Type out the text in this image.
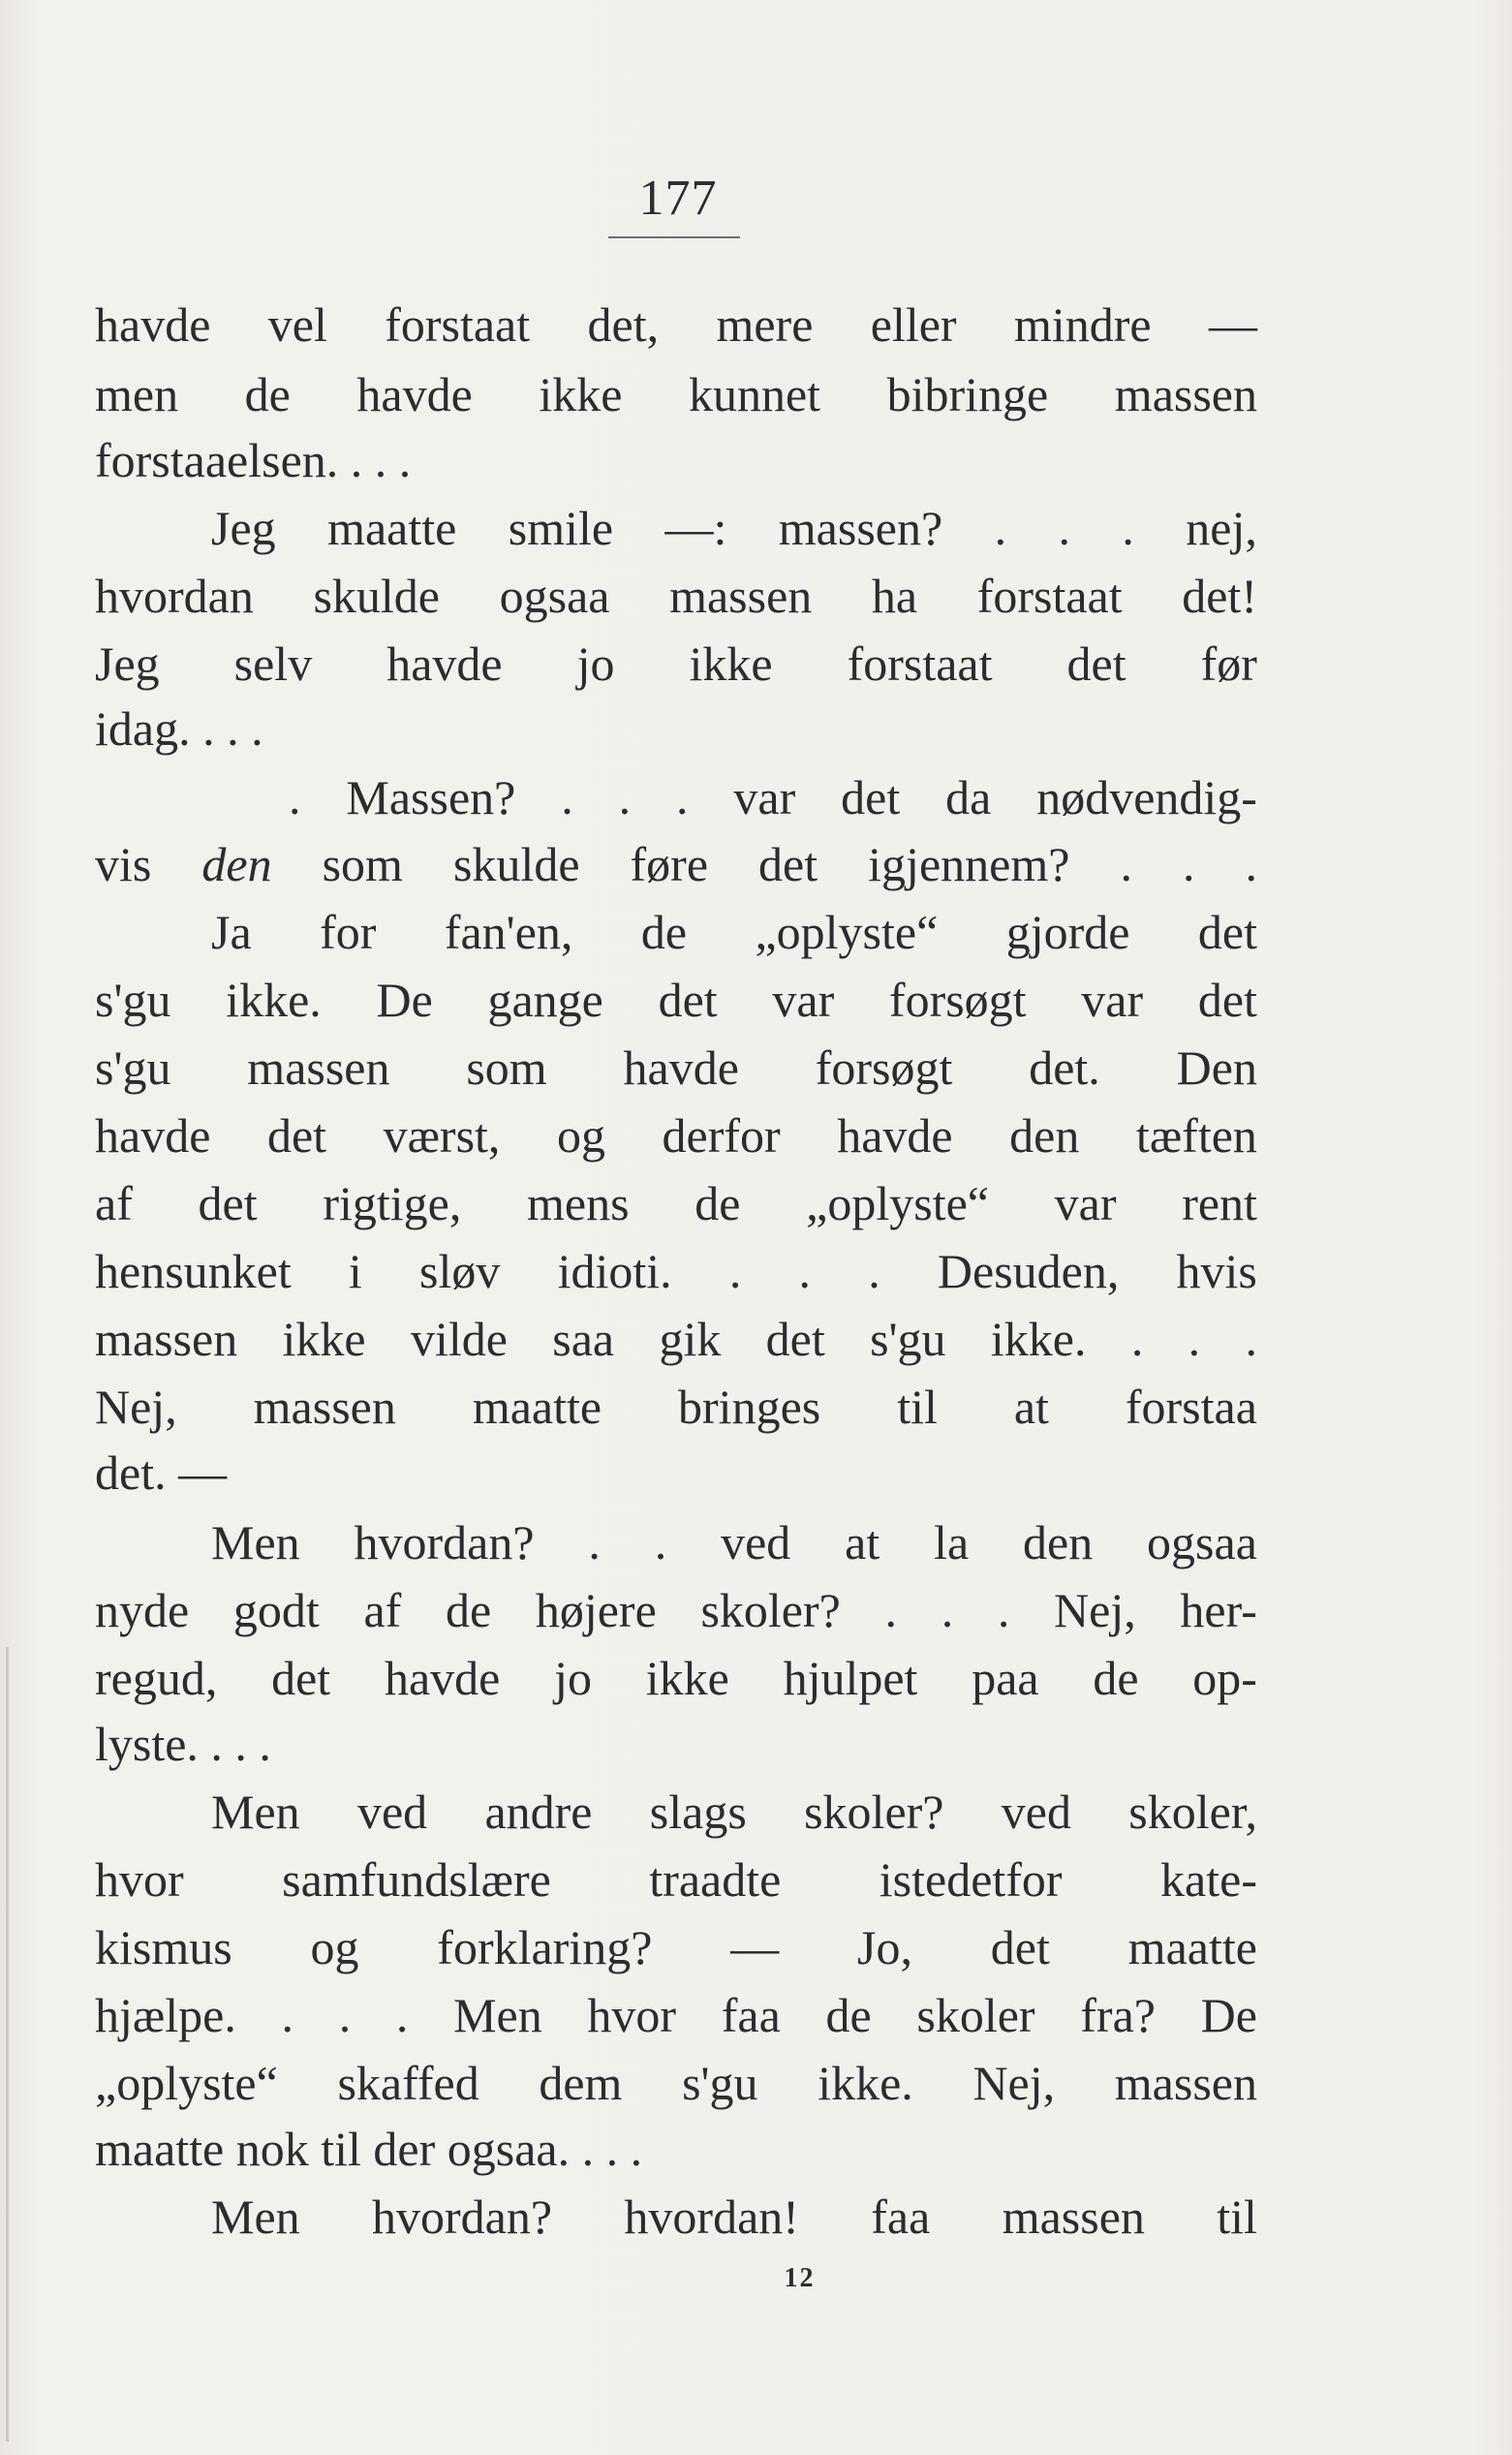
177
havde vel forstaat det, mere eller mindre —
men de havde ikke kunnet bibringe massen
forstaaelsen. . . .
Jeg maatte smile —: massen? . . . nej,
hvordan skulde ogsaa massen ha forstaat det!
Jeg selv havde jo ikke forstaat det før
idag. . . .
. Massen? . . . var det da nødvendig-
vis den som skulde føre det igjennem? . . .
Ja for fan'en, de „oplyste“ gjorde det
s'gu ikke. De gange det var forsøgt var det
s'gu massen som havde forsøgt det. Den
havde det værst, og derfor havde den tæften
af det rigtige, mens de „oplyste“ var rent
hensunket i sløv idioti. . . . Desuden, hvis
massen ikke vilde saa gik det s'gu ikke. . . .
Nej, massen maatte bringes til at forstaa
det. —
Men hvordan? . . ved at la den ogsaa
nyde godt af de højere skoler? . . . Nej, her-
regud, det havde jo ikke hjulpet paa de op-
lyste. . . .
Men ved andre slags skoler? ved skoler,
hvor samfundslære traadte istedetfor kate-
kismus og forklaring? — Jo, det maatte
hjælpe. . . . Men hvor faa de skoler fra? De
„oplyste“ skaffed dem s'gu ikke. Nej, massen
maatte nok til der ogsaa. . . .
Men hvordan? hvordan! faa massen til
12
